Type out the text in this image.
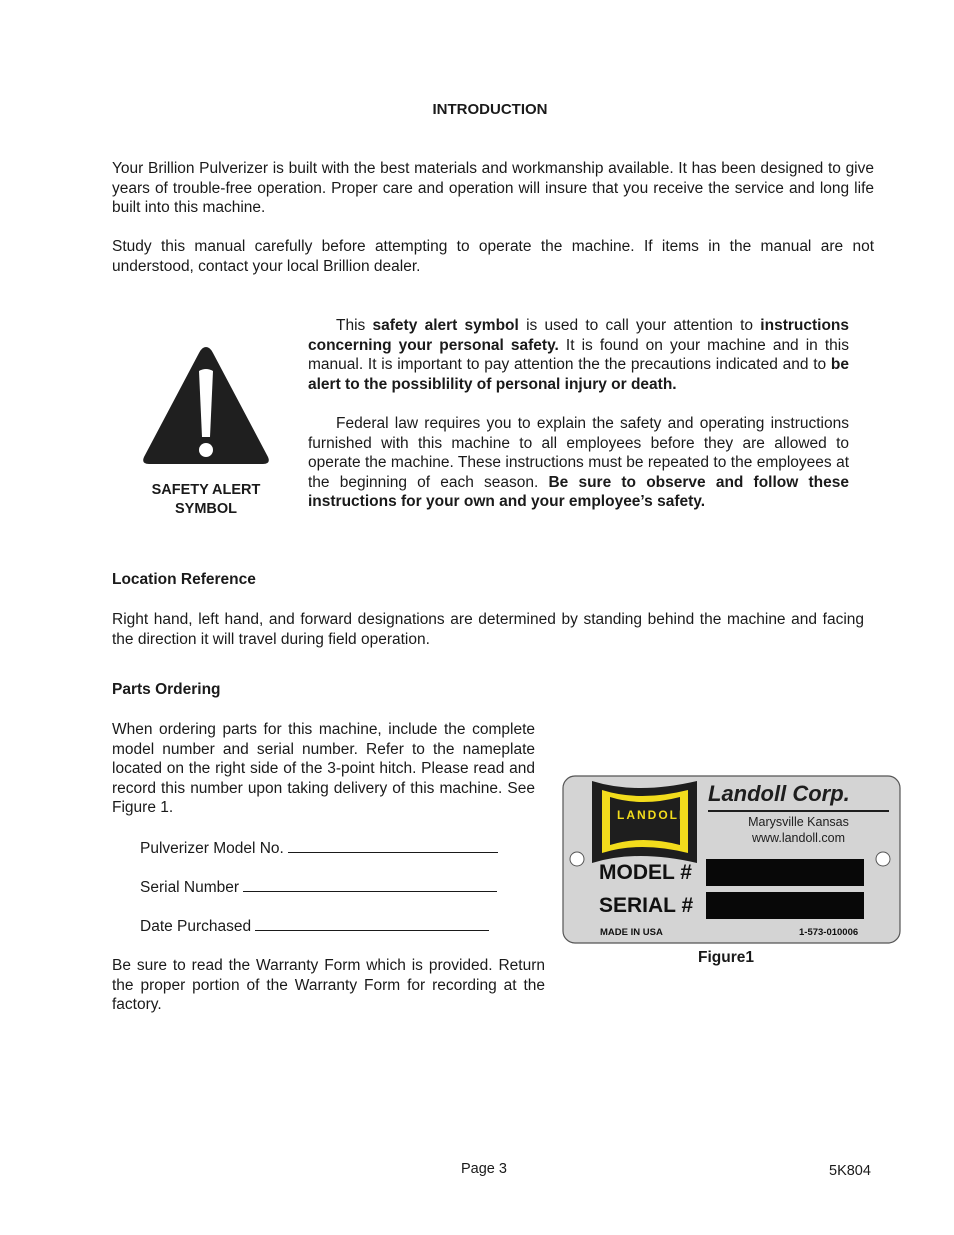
INTRODUCTION

Your Brillion Pulverizer is built with the best materials and workmanship available. It has been designed to give years of trouble-free operation. Proper care and operation will insure that you receive the service and long life built into this machine.

Study this manual carefully before attempting to operate the machine. If items in the manual are not understood, contact your local Brillion dealer.

SAFETY ALERT
SYMBOL
This safety alert symbol is used to call your attention to instructions concerning your personal safety. It is found on your machine and in this manual. It is important to pay attention the the precautions indicated and to be alert to the possiblility of personal injury or death.
Federal law requires you to explain the safety and operating instructions furnished with this machine to all employees before they are allowed to operate the machine. These instructions must be repeated to the employees at the beginning of each season. Be sure to observe and follow these instructions for your own and your employee’s safety.
Location Reference

Right hand, left hand, and forward designations are determined by standing behind the machine and facing the direction it will travel during field operation.

Parts Ordering

When ordering parts for this machine, include the complete model number and serial number. Refer to the nameplate located on the right side of the 3-point hitch. Please read and record this number upon taking delivery of this machine. See Figure 1.

Pulverizer Model No.
Serial Number
Date Purchased

Be sure to read the Warranty Form which is provided. Return the proper portion of the Warranty Form for recording at the factory.

LANDOLL
Landoll Corp.
Marysville Kansas
www.landoll.com
MODEL #
SERIAL #
MADE IN USA	1-573-010006
Figure1
Page 3	5K804
